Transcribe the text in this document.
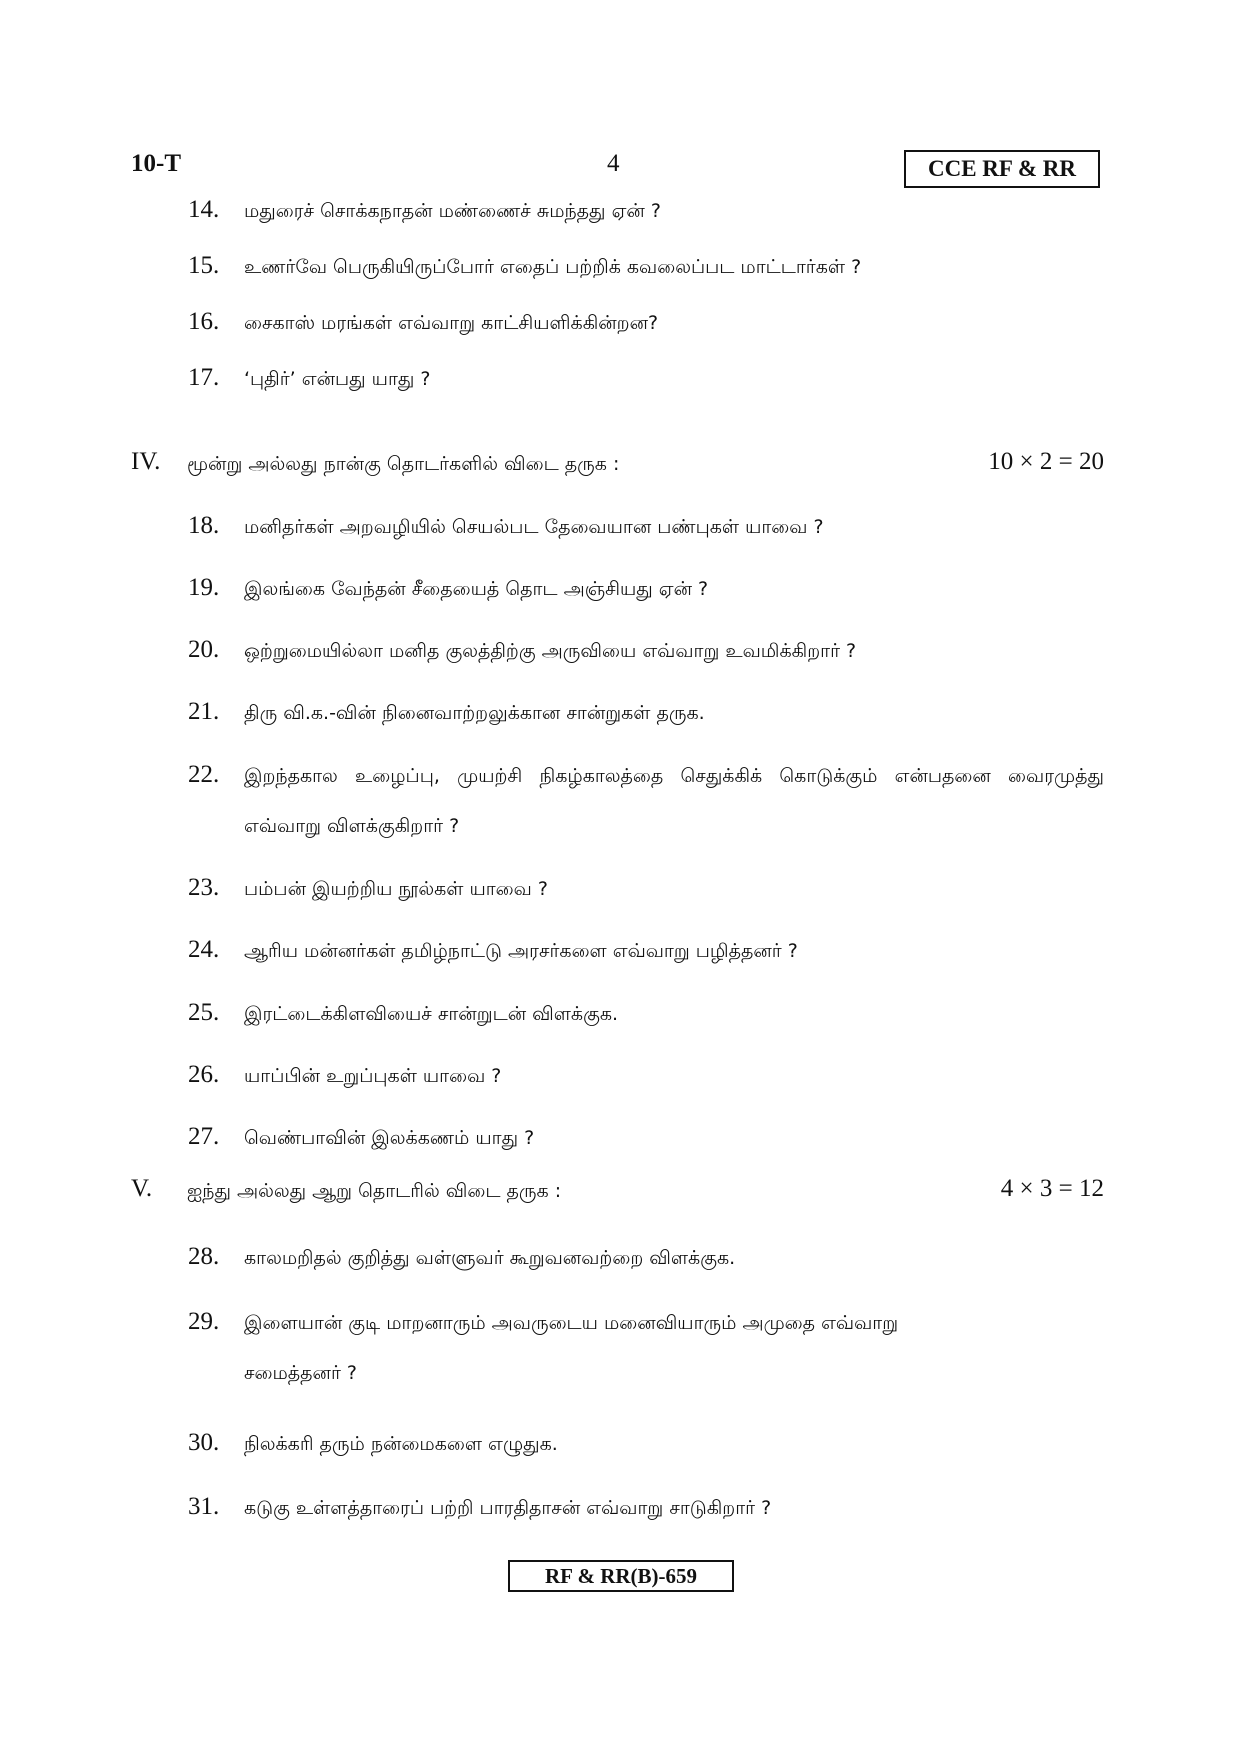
10-T	4	CCE RF & RR
14. மதுரைச் சொக்கநாதன் மண்ணைச் சுமந்தது ஏன் ?
15. உணர்வே பெருகியிருப்போர் எதைப் பற்றிக் கவலைப்பட மாட்டார்கள் ?
16. சைகாஸ் மரங்கள் எவ்வாறு காட்சியளிக்கின்றன?
17. ‘புதிர்’ என்பது யாது ?
IV. மூன்று அல்லது நான்கு தொடர்களில் விடை தருக :	10 × 2 = 20
18. மனிதர்கள் அறவழியில் செயல்பட தேவையான பண்புகள் யாவை ?
19. இலங்கை வேந்தன் சீதையைத் தொட அஞ்சியது ஏன் ?
20. ஒற்றுமையில்லா மனித குலத்திற்கு அருவியை எவ்வாறு உவமிக்கிறார் ?
21. திரு வி.க.-வின் நினைவாற்றலுக்கான சான்றுகள் தருக.
22. இறந்தகால உழைப்பு, முயற்சி நிகழ்காலத்தை செதுக்கிக் கொடுக்கும் என்பதனை வைரமுத்து எவ்வாறு விளக்குகிறார் ?
23. பம்பன் இயற்றிய நூல்கள் யாவை ?
24. ஆரிய மன்னர்கள் தமிழ்நாட்டு அரசர்களை எவ்வாறு பழித்தனர் ?
25. இரட்டைக்கிளவியைச் சான்றுடன் விளக்குக.
26. யாப்பின் உறுப்புகள் யாவை ?
27. வெண்பாவின் இலக்கணம் யாது ?
V. ஐந்து அல்லது ஆறு தொடரில் விடை தருக :	4 × 3 = 12
28. காலமறிதல் குறித்து வள்ளுவர் கூறுவனவற்றை விளக்குக.
29. இளையான் குடி மாறனாரும் அவருடைய மனைவியாரும் அமுதை எவ்வாறு சமைத்தனர் ?
30. நிலக்கரி தரும் நன்மைகளை எழுதுக.
31. கடுகு உள்ளத்தாரைப் பற்றி பாரதிதாசன் எவ்வாறு சாடுகிறார் ?
RF & RR(B)-659
